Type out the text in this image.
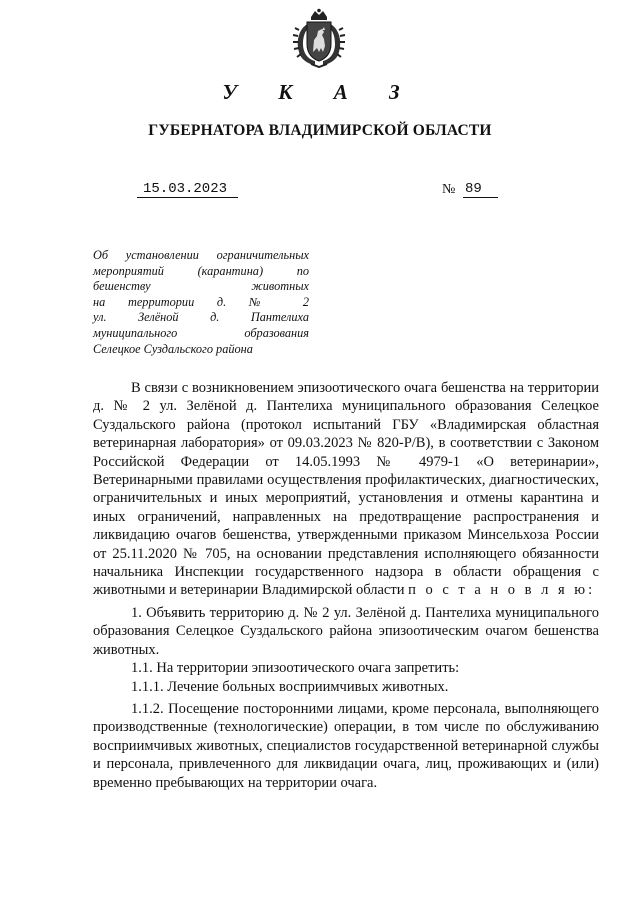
У К А З
ГУБЕРНАТОРА ВЛАДИМИРСКОЙ ОБЛАСТИ
15.03.2023	№ 89
Об установлении ограничительных
мероприятий (карантина) по
бешенству животных
на территории д. № 2
ул. Зелёной д. Пантелиха
муниципального образования
Селецкое Суздальского района

В связи с возникновением эпизоотического очага бешенства на территории д. № 2 ул. Зелёной д. Пантелиха муниципального образования Селецкое Суздальского района (протокол испытаний ГБУ «Владимирская областная ветеринарная лаборатория» от 09.03.2023 № 820-Р/В), в соответствии с Законом Российской Федерации от 14.05.1993 № 4979-1 «О ветеринарии», Ветеринарными правилами осуществления профилактических, диагностических, ограничительных и иных мероприятий, установления и отмены карантина и иных ограничений, направленных на предотвращение распространения и ликвидацию очагов бешенства, утвержденными приказом Минсельхоза России от 25.11.2020 № 705, на основании представления исполняющего обязанности начальника Инспекции государственного надзора в области обращения с животными и ветеринарии Владимирской области п о с т а н о в л я ю:

1. Объявить территорию д. № 2 ул. Зелёной д. Пантелиха муниципального образования Селецкое Суздальского района эпизоотическим очагом бешенства животных.

1.1. На территории эпизоотического очага запретить:

1.1.1. Лечение больных восприимчивых животных.

1.1.2. Посещение посторонними лицами, кроме персонала, выполняющего производственные (технологические) операции, в том числе по обслуживанию восприимчивых животных, специалистов государственной ветеринарной службы и персонала, привлеченного для ликвидации очага, лиц, проживающих и (или) временно пребывающих на территории очага.
